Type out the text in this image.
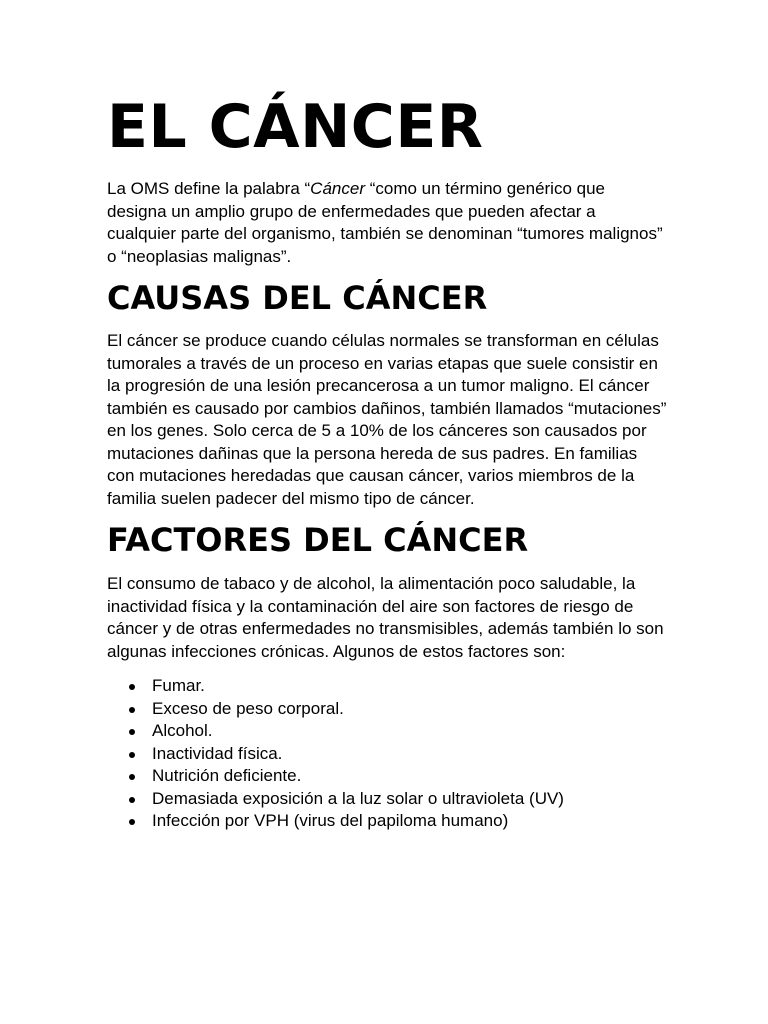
EL CÁNCER

La OMS define la palabra “Cáncer “como un término genérico que designa un amplio grupo de enfermedades que pueden afectar a cualquier parte del organismo, también se denominan “tumores malignos” o “neoplasias malignas”.

CAUSAS DEL CÁNCER

El cáncer se produce cuando células normales se transforman en células tumorales a través de un proceso en varias etapas que suele consistir en la progresión de una lesión precancerosa a un tumor maligno. El cáncer también es causado por cambios dañinos, también llamados “mutaciones” en los genes. Solo cerca de 5 a 10% de los cánceres son causados por mutaciones dañinas que la persona hereda de sus padres. En familias con mutaciones heredadas que causan cáncer, varios miembros de la familia suelen padecer del mismo tipo de cáncer.

FACTORES DEL CÁNCER

El consumo de tabaco y de alcohol, la alimentación poco saludable, la inactividad física y la contaminación del aire son factores de riesgo de cáncer y de otras enfermedades no transmisibles, además también lo son algunas infecciones crónicas. Algunos de estos factores son:

Fumar.
Exceso de peso corporal.
Alcohol.
Inactividad física.
Nutrición deficiente.
Demasiada exposición a la luz solar o ultravioleta (UV)
Infección por VPH (virus del papiloma humano)
